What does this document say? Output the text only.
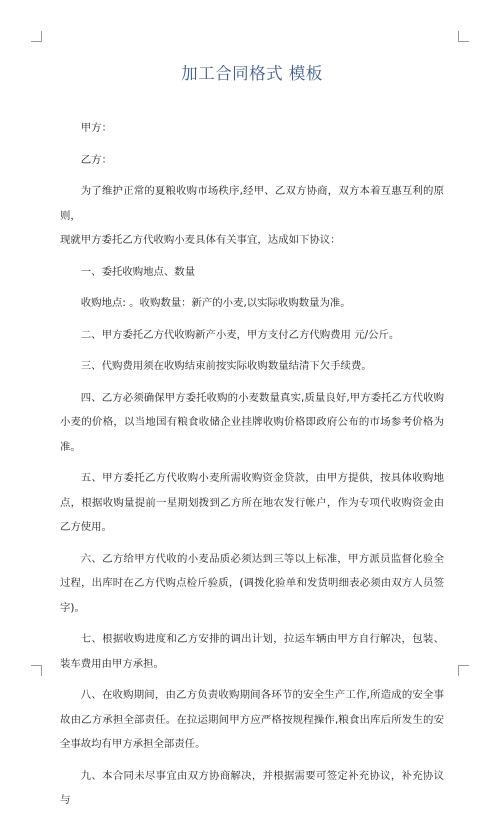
加工合同格式 模板

甲方：

乙方：

为了维护正常的夏粮收购市场秩序,经甲、乙双方协商，双方本着互惠互利的原则，

现就甲方委托乙方代收购小麦具体有关事宜，达成如下协议：

一、委托收购地点、数量

收购地点: 。收购数量：新产的小麦,以实际收购数量为准。

二、甲方委托乙方代收购新产小麦，甲方支付乙方代购费用 元/公斤。

三、代购费用须在收购结束前按实际收购数量结清下欠手续费。

四、乙方必须确保甲方委托收购的小麦数量真实,质量良好,甲方委托乙方代收购小麦的价格，以当地国有粮食收储企业挂牌收购价格即政府公布的市场参考价格为准。

五、甲方委托乙方代收购小麦所需收购资金贷款，由甲方提供，按具体收购地点，根据收购量提前一星期划拨到乙方所在地农发行帐户，作为专项代收购资金由乙方使用。

六、乙方给甲方代收的小麦品质必须达到三等以上标准，甲方派员监督化验全过程，出库时在乙方代购点检斤验质，(调拨化验单和发货明细表必须由双方人员签字)。

七、根据收购进度和乙方安排的调出计划，拉运车辆由甲方自行解决，包装、装车费用由甲方承担。

八、在收购期间，由乙方负责收购期间各环节的安全生产工作,所造成的安全事故由乙方承担全部责任。在拉运期间甲方应严格按规程操作,粮食出库后所发生的安全事故均有甲方承担全部责任。

九、本合同未尽事宜由双方协商解决，并根据需要可签定补充协议，补充协议与
